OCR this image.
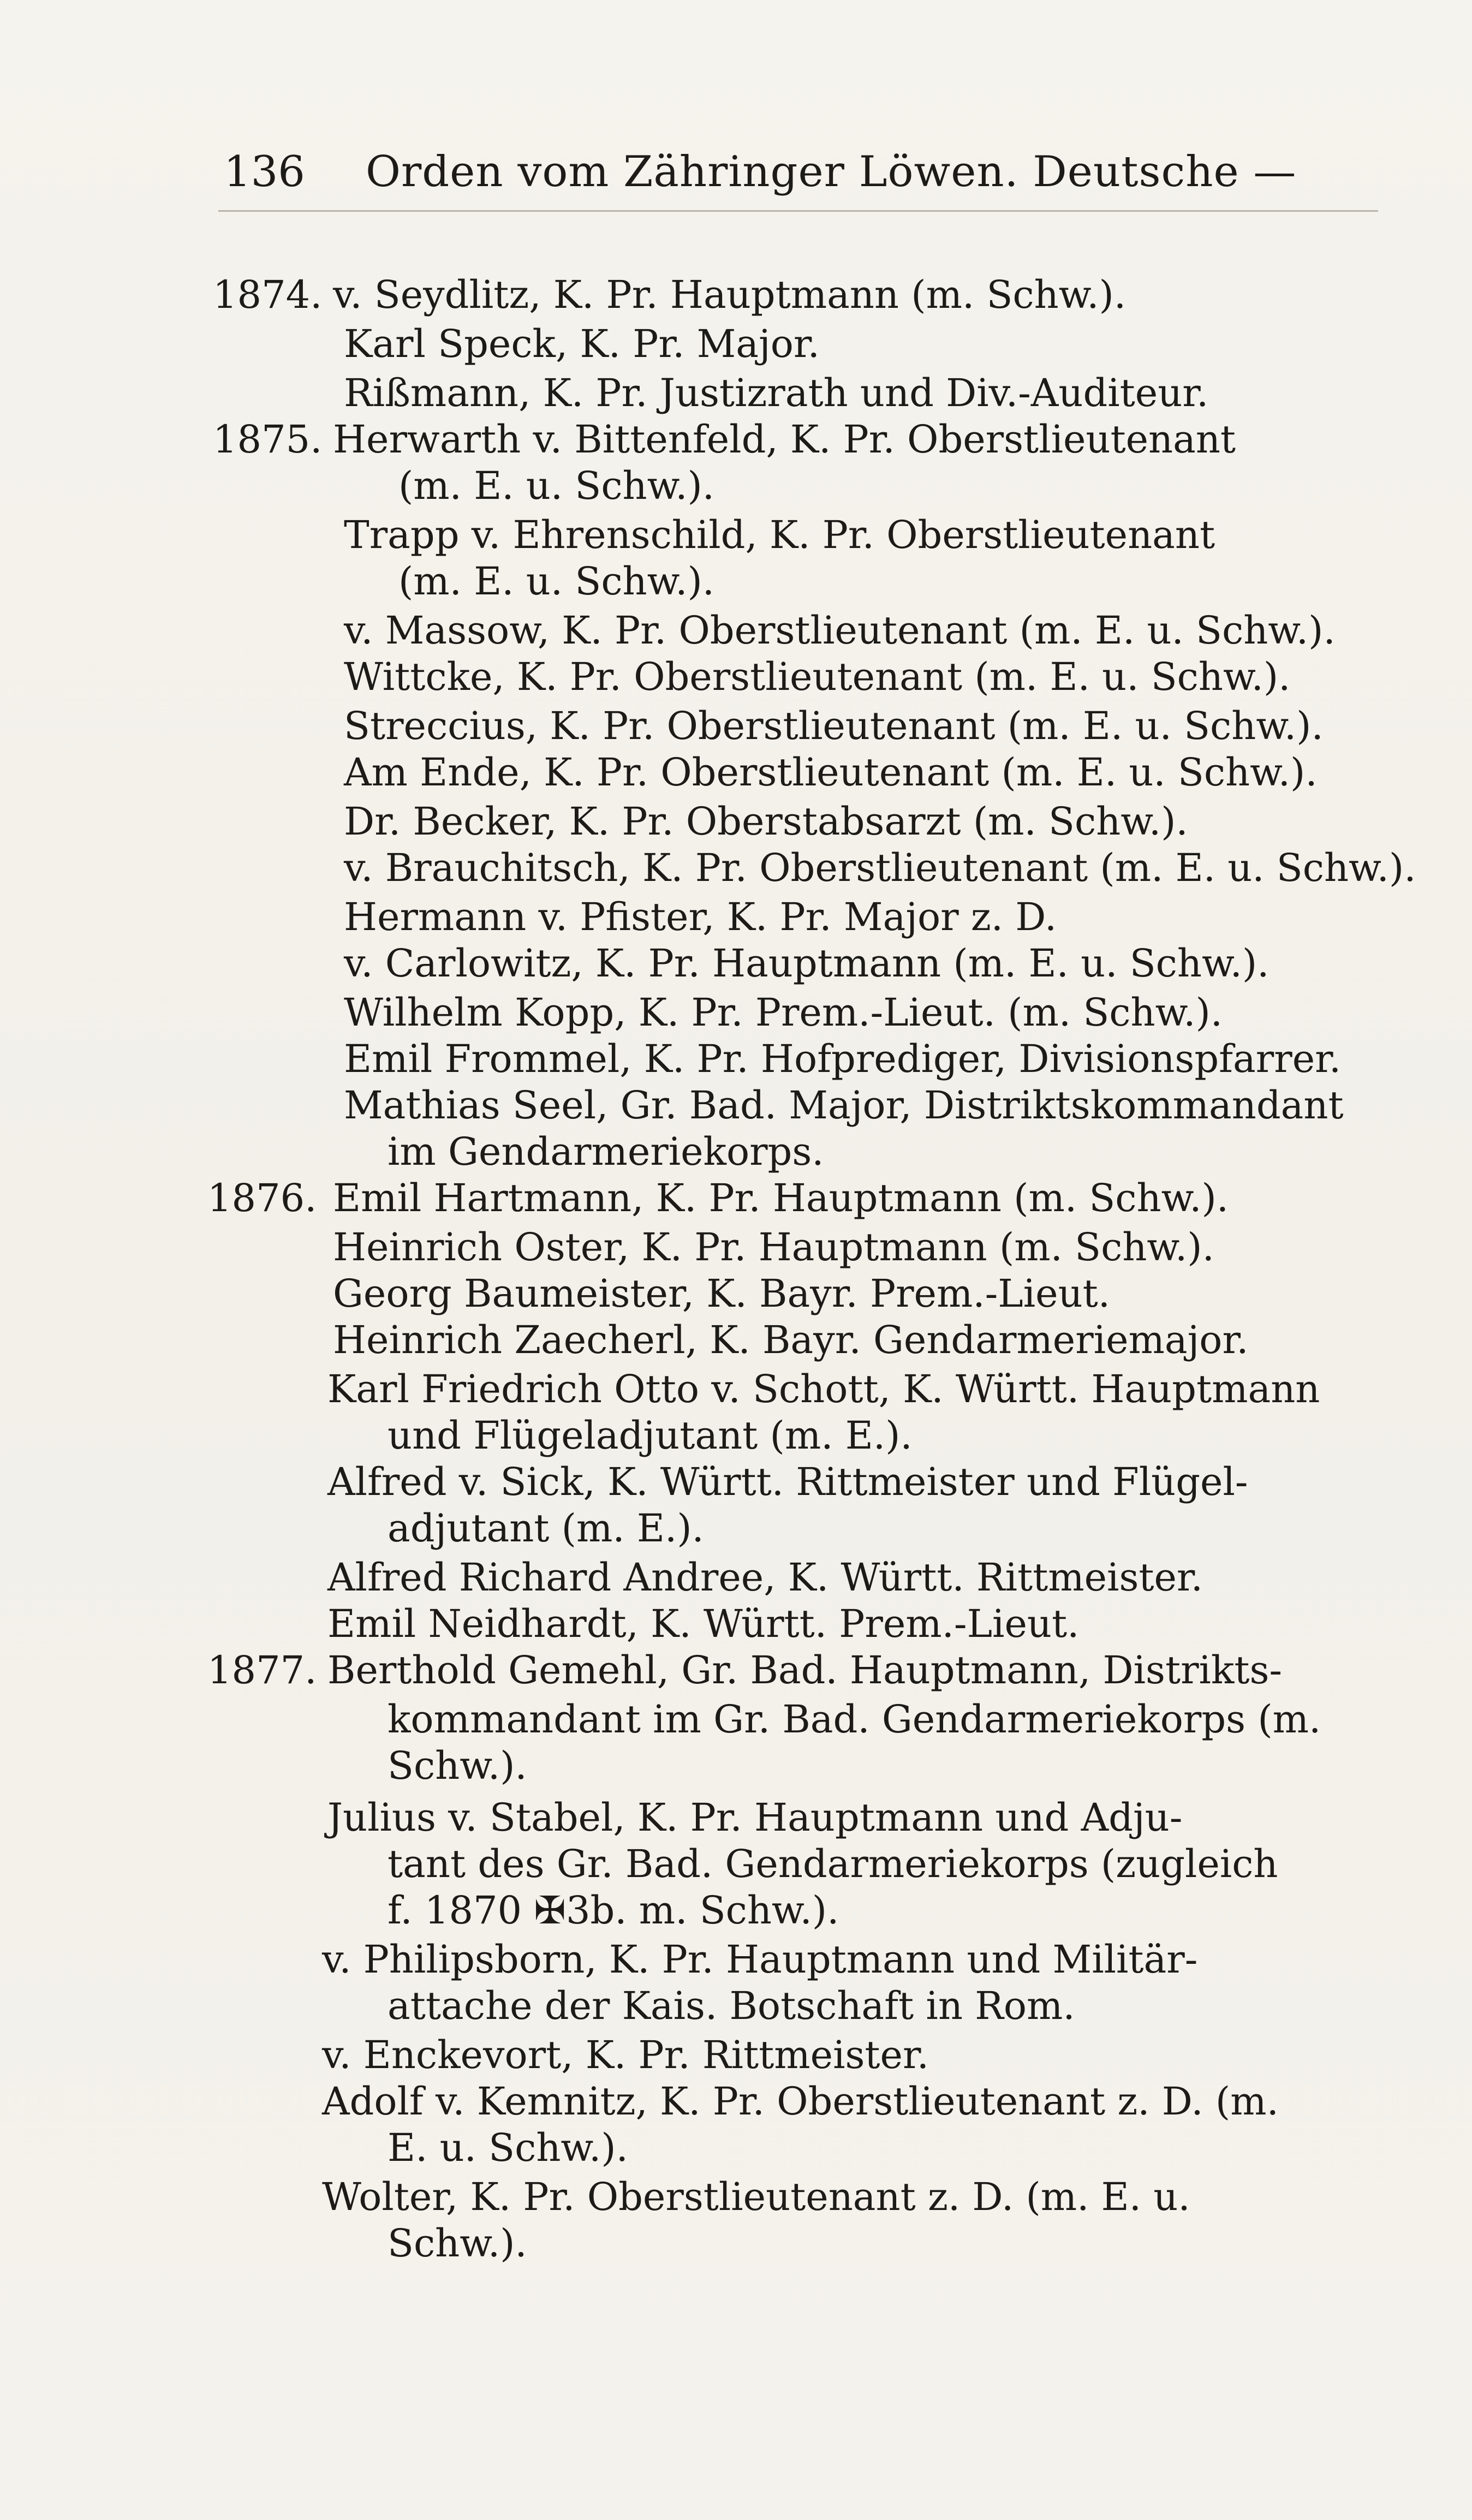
136 Orden vom Zähringer Löwen. Deutsche —
1874.
1875.
1876.
1877.
v. Seydlitz, K. Pr. Hauptmann (m. Schw.).
Karl Speck, K. Pr. Major.
Rißmann, K. Pr. Justizrath und Div.-Auditeur.
Herwarth v. Bittenfeld, K. Pr. Oberstlieutenant
(m. E. u. Schw.).
Trapp v. Ehrenschild, K. Pr. Oberstlieutenant
(m. E. u. Schw.).
v. Massow, K. Pr. Oberstlieutenant (m. E. u. Schw.).
Wittcke, K. Pr. Oberstlieutenant (m. E. u. Schw.).
Streccius, K. Pr. Oberstlieutenant (m. E. u. Schw.).
Am Ende, K. Pr. Oberstlieutenant (m. E. u. Schw.).
Dr. Becker, K. Pr. Oberstabsarzt (m. Schw.).
v. Brauchitsch, K. Pr. Oberstlieutenant (m. E. u. Schw.).
Hermann v. Pfister, K. Pr. Major z. D.
v. Carlowitz, K. Pr. Hauptmann (m. E. u. Schw.).
Wilhelm Kopp, K. Pr. Prem.-Lieut. (m. Schw.).
Emil Frommel, K. Pr. Hofprediger, Divisionspfarrer.
Mathias Seel, Gr. Bad. Major, Distriktskommandant
im Gendarmeriekorps.
Emil Hartmann, K. Pr. Hauptmann (m. Schw.).
Heinrich Oster, K. Pr. Hauptmann (m. Schw.).
Georg Baumeister, K. Bayr. Prem.-Lieut.
Heinrich Zaecherl, K. Bayr. Gendarmeriemajor.
Karl Friedrich Otto v. Schott, K. Württ. Hauptmann
und Flügeladjutant (m. E.).
Alfred v. Sick, K. Württ. Rittmeister und Flügel-
adjutant (m. E.).
Alfred Richard Andree, K. Württ. Rittmeister.
Emil Neidhardt, K. Württ. Prem.-Lieut.
Berthold Gemehl, Gr. Bad. Hauptmann, Distrikts-
kommandant im Gr. Bad. Gendarmeriekorps (m.
Schw.).
Julius v. Stabel, K. Pr. Hauptmann und Adju-
tant des Gr. Bad. Gendarmeriekorps (zugleich
f. 1870 ✠3b. m. Schw.).
v. Philipsborn, K. Pr. Hauptmann und Militär-
attache der Kais. Botschaft in Rom.
v. Enckevort, K. Pr. Rittmeister.
Adolf v. Kemnitz, K. Pr. Oberstlieutenant z. D. (m.
E. u. Schw.).
Wolter, K. Pr. Oberstlieutenant z. D. (m. E. u.
Schw.).
